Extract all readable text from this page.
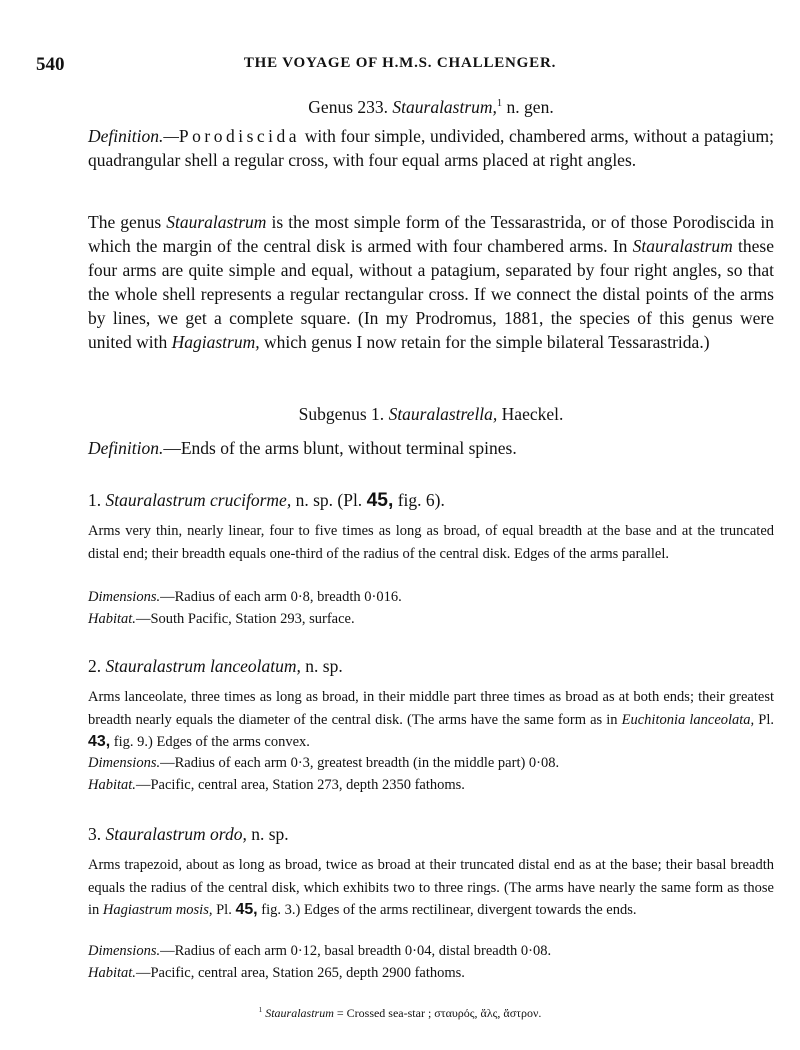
540	THE VOYAGE OF H.M.S. CHALLENGER.
Genus 233. Stauralastrum,$^1$ n. gen.

Definition.—Porodiscida with four simple, undivided, chambered arms, without a patagium; quadrangular shell a regular cross, with four equal arms placed at right angles.

The genus Stauralastrum is the most simple form of the Tessarastrida, or of those Porodiscida in which the margin of the central disk is armed with four chambered arms. In Stauralastrum these four arms are quite simple and equal, without a patagium, separated by four right angles, so that the whole shell represents a regular rectangular cross. If we connect the distal points of the arms by lines, we get a complete square. (In my Prodromus, 1881, the species of this genus were united with Hagiastrum, which genus I now retain for the simple bilateral Tessarastrida.)

Subgenus 1. Stauralastrella, Haeckel.
Definition.—Ends of the arms blunt, without terminal spines.
1. Stauralastrum cruciforme, n. sp. (Pl. 45, fig. 6).
Arms very thin, nearly linear, four to five times as long as broad, of equal breadth at the base and at the truncated distal end; their breadth equals one-third of the radius of the central disk. Edges of the arms parallel.
Dimensions.—Radius of each arm 0·8, breadth 0·016.
Habitat.—South Pacific, Station 293, surface.
2. Stauralastrum lanceolatum, n. sp.
Arms lanceolate, three times as long as broad, in their middle part three times as broad as at both ends; their greatest breadth nearly equals the diameter of the central disk. (The arms have the same form as in Euchitonia lanceolata, Pl. 43, fig. 9.) Edges of the arms convex.
Dimensions.—Radius of each arm 0·3, greatest breadth (in the middle part) 0·08.
Habitat.—Pacific, central area, Station 273, depth 2350 fathoms.
3. Stauralastrum ordo, n. sp.
Arms trapezoid, about as long as broad, twice as broad at their truncated distal end as at the base; their basal breadth equals the radius of the central disk, which exhibits two to three rings. (The arms have nearly the same form as those in Hagiastrum mosis, Pl. 45, fig. 3.) Edges of the arms rectilinear, divergent towards the ends.
Dimensions.—Radius of each arm 0·12, basal breadth 0·04, distal breadth 0·08.
Habitat.—Pacific, central area, Station 265, depth 2900 fathoms.
$^1$ Stauralastrum = Crossed sea-star ; σταυρός, ἅλς, ἄστρον.
